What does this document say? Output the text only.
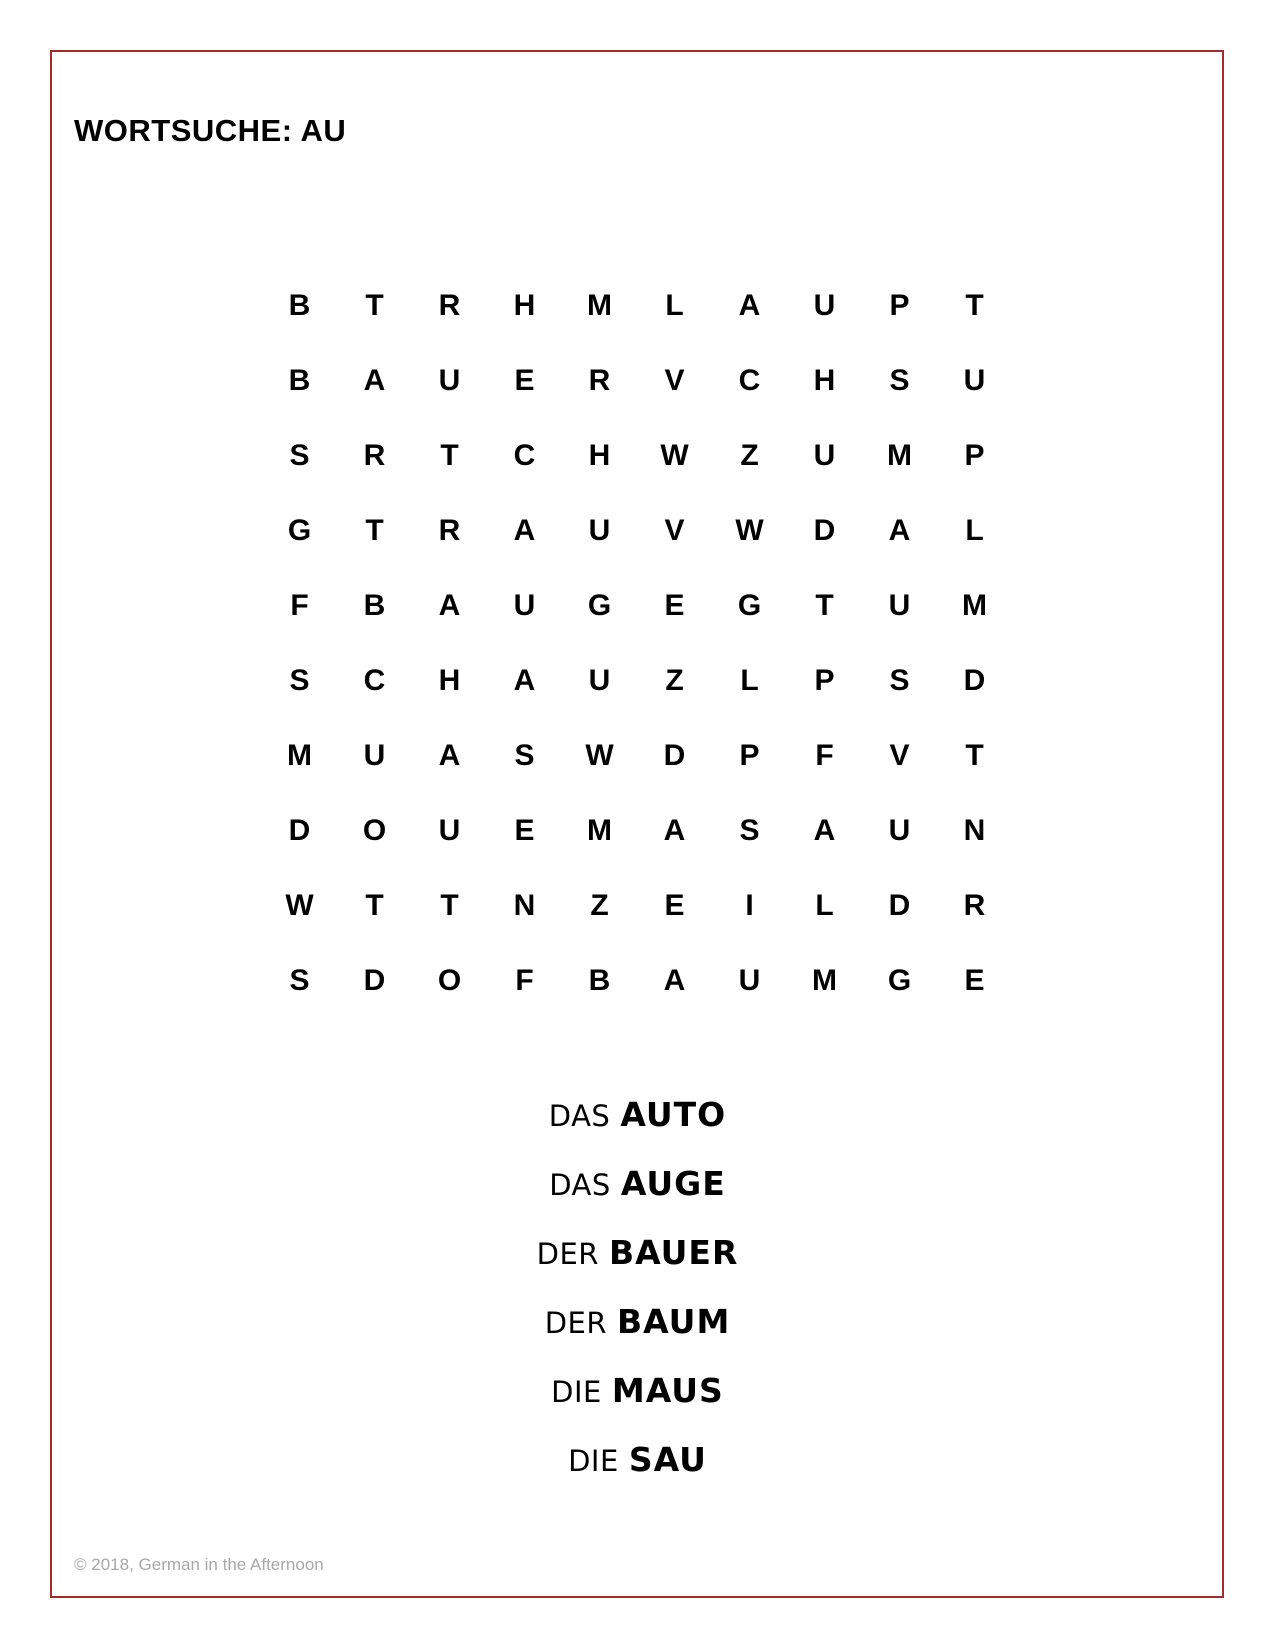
WORTSUCHE: AU
B	T	R	H	M	L	A	U	P	T
B	A	U	E	R	V	C	H	S	U
S	R	T	C	H	W	Z	U	M	P
G	T	R	A	U	V	W	D	A	L
F	B	A	U	G	E	G	T	U	M
S	C	H	A	U	Z	L	P	S	D
M	U	A	S	W	D	P	F	V	T
D	O	U	E	M	A	S	A	U	N
W	T	T	N	Z	E	I	L	D	R
S	D	O	F	B	A	U	M	G	E
DAS AUTO
DAS AUGE
DER BAUER
DER BAUM
DIE MAUS
DIE SAU
© 2018, German in the Afternoon
